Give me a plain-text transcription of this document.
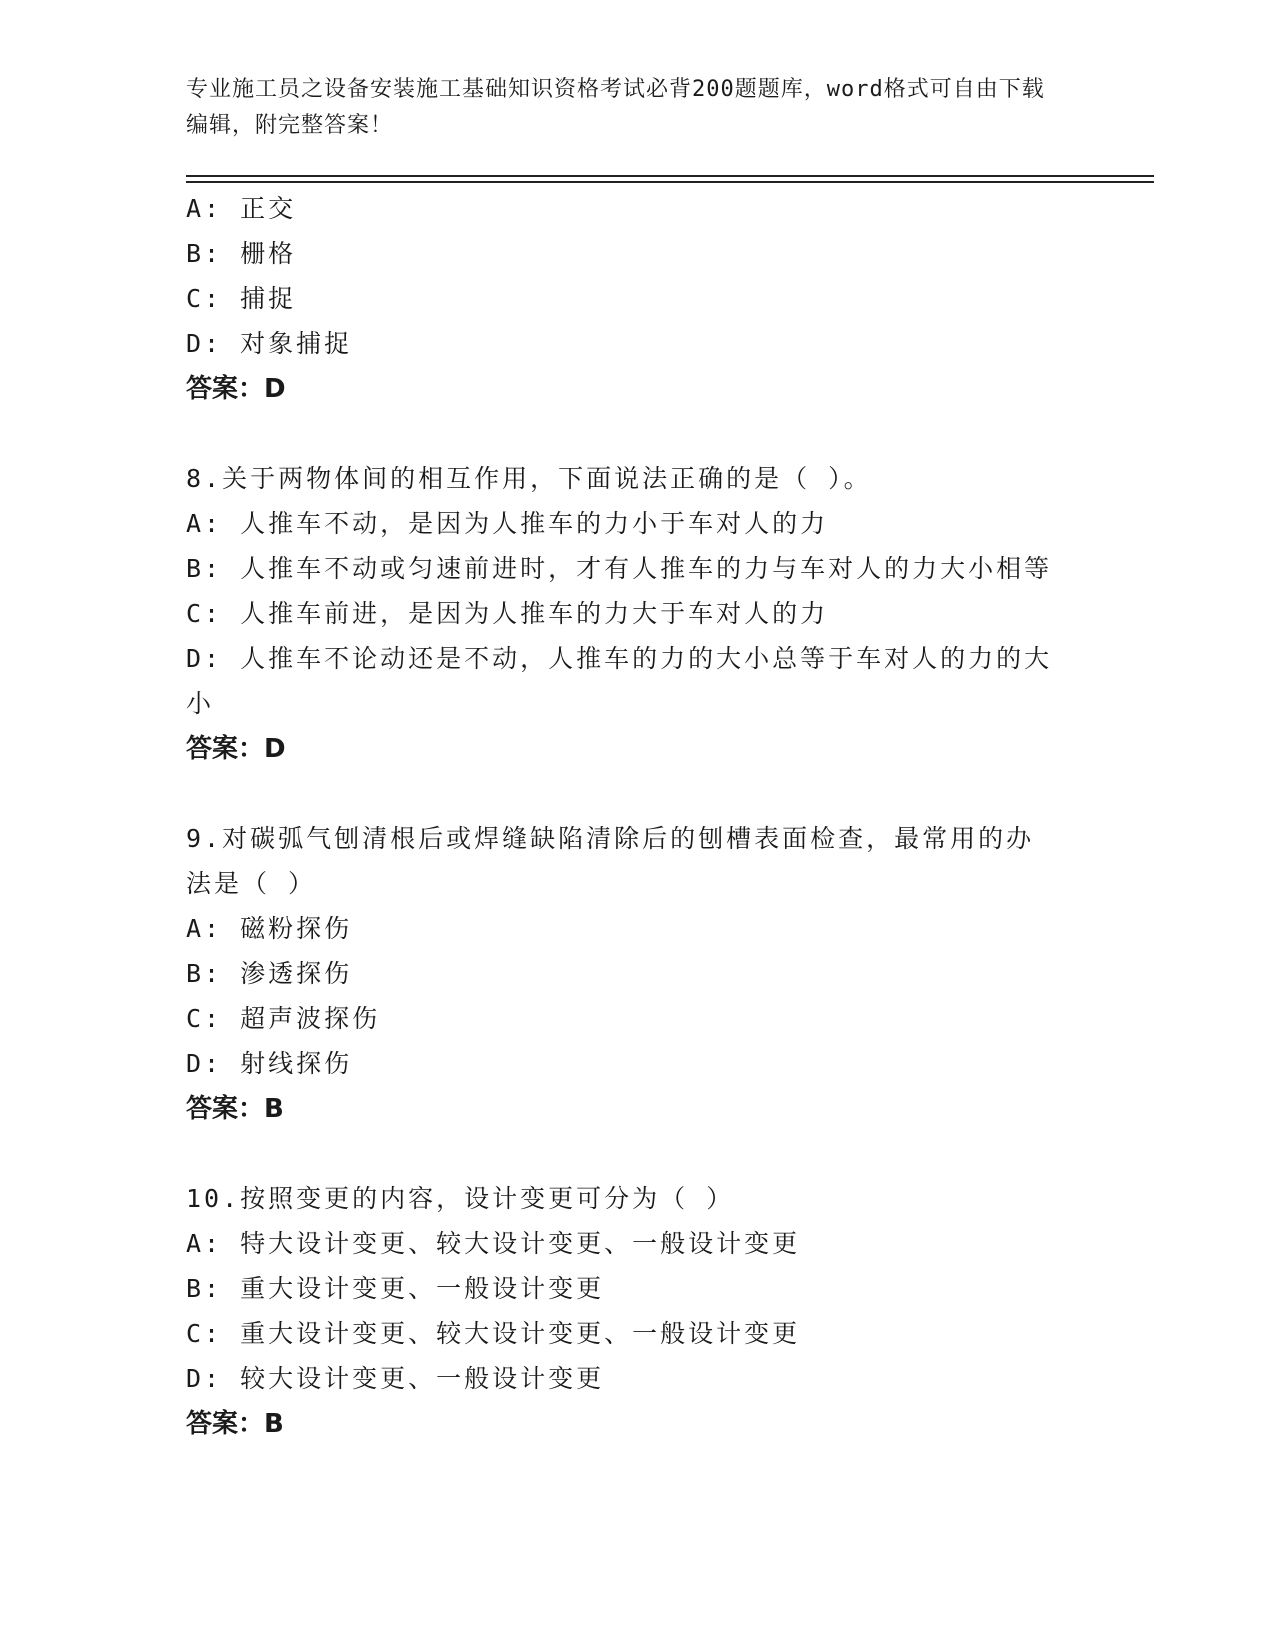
专业施工员之设备安装施工基础知识资格考试必背200题题库，word格式可自由下载编辑，附完整答案！
A: 正交
B: 栅格
C: 捕捉
D: 对象捕捉
答案：D
8.关于两物体间的相互作用，下面说法正确的是（ ）。
A: 人推车不动，是因为人推车的力小于车对人的力
B: 人推车不动或匀速前进时，才有人推车的力与车对人的力大小相等
C: 人推车前进，是因为人推车的力大于车对人的力
D: 人推车不论动还是不动，人推车的力的大小总等于车对人的力的大
小
答案：D
9.对碳弧气刨清根后或焊缝缺陷清除后的刨槽表面检查，最常用的办
法是（ ）
A: 磁粉探伤
B: 渗透探伤
C: 超声波探伤
D: 射线探伤
答案：B
10.按照变更的内容，设计变更可分为（ ）
A: 特大设计变更、较大设计变更、一般设计变更
B: 重大设计变更、一般设计变更
C: 重大设计变更、较大设计变更、一般设计变更
D: 较大设计变更、一般设计变更
答案：B
